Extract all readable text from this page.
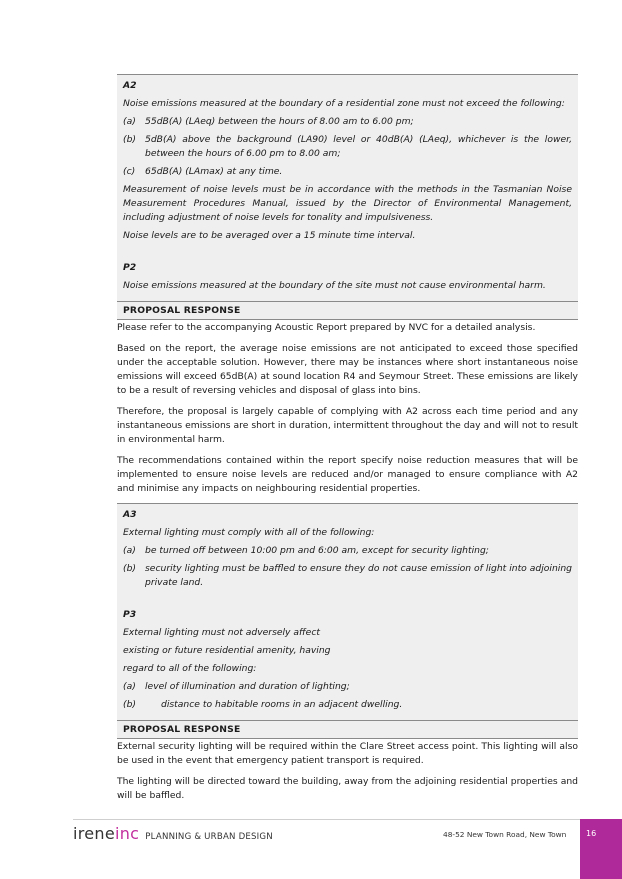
A2

Noise emissions measured at the boundary of a residential zone must not exceed the following:

(a) 55dB(A) (LAeq) between the hours of 8.00 am to 6.00 pm;
(b) 5dB(A) above the background (LA90) level or 40dB(A) (LAeq), whichever is the lower, between the hours of 6.00 pm to 8.00 am;
(c)	65dB(A) (LAmax) at any time.

Measurement of noise levels must be in accordance with the methods in the Tasmanian Noise Measurement Procedures Manual, issued by the Director of Environmental Management, including adjustment of noise levels for tonality and impulsiveness.

Noise levels are to be averaged over a 15 minute time interval.

P2

Noise emissions measured at the boundary of the site must not cause environmental harm.

PROPOSAL RESPONSE

Please refer to the accompanying Acoustic Report prepared by NVC for a detailed analysis.

Based on the report, the average noise emissions are not anticipated to exceed those specified under the acceptable solution. However, there may be instances where short instantaneous noise emissions will exceed 65dB(A) at sound location R4 and Seymour Street. These emissions are likely to be a result of reversing vehicles and disposal of glass into bins.

Therefore, the proposal is largely capable of complying with A2 across each time period and any instantaneous emissions are short in duration, intermittent throughout the day and will not to result in environmental harm.

The recommendations contained within the report specify noise reduction measures that will be implemented to ensure noise levels are reduced and/or managed to ensure compliance with A2 and minimise any impacts on neighbouring residential properties.

A3

External lighting must comply with all of the following:

(a) be turned off between 10:00 pm and 6:00 am, except for security lighting;
(b) security lighting must be baffled to ensure they do not cause emission of light into adjoining private land.
P3

External lighting must not adversely affect

existing or future residential amenity, having

regard to all of the following:

(a) level of illumination and duration of lighting;
(b)	distance to habitable rooms in an adjacent dwelling.
PROPOSAL RESPONSE

External security lighting will be required within the Clare Street access point. This lighting will also be used in the event that emergency patient transport is required.

The lighting will be directed toward the building, away from the adjoining residential properties and will be baffled.

irene inc PLANNING & URBAN DESIGN	48-52 New Town Road, New Town 16
